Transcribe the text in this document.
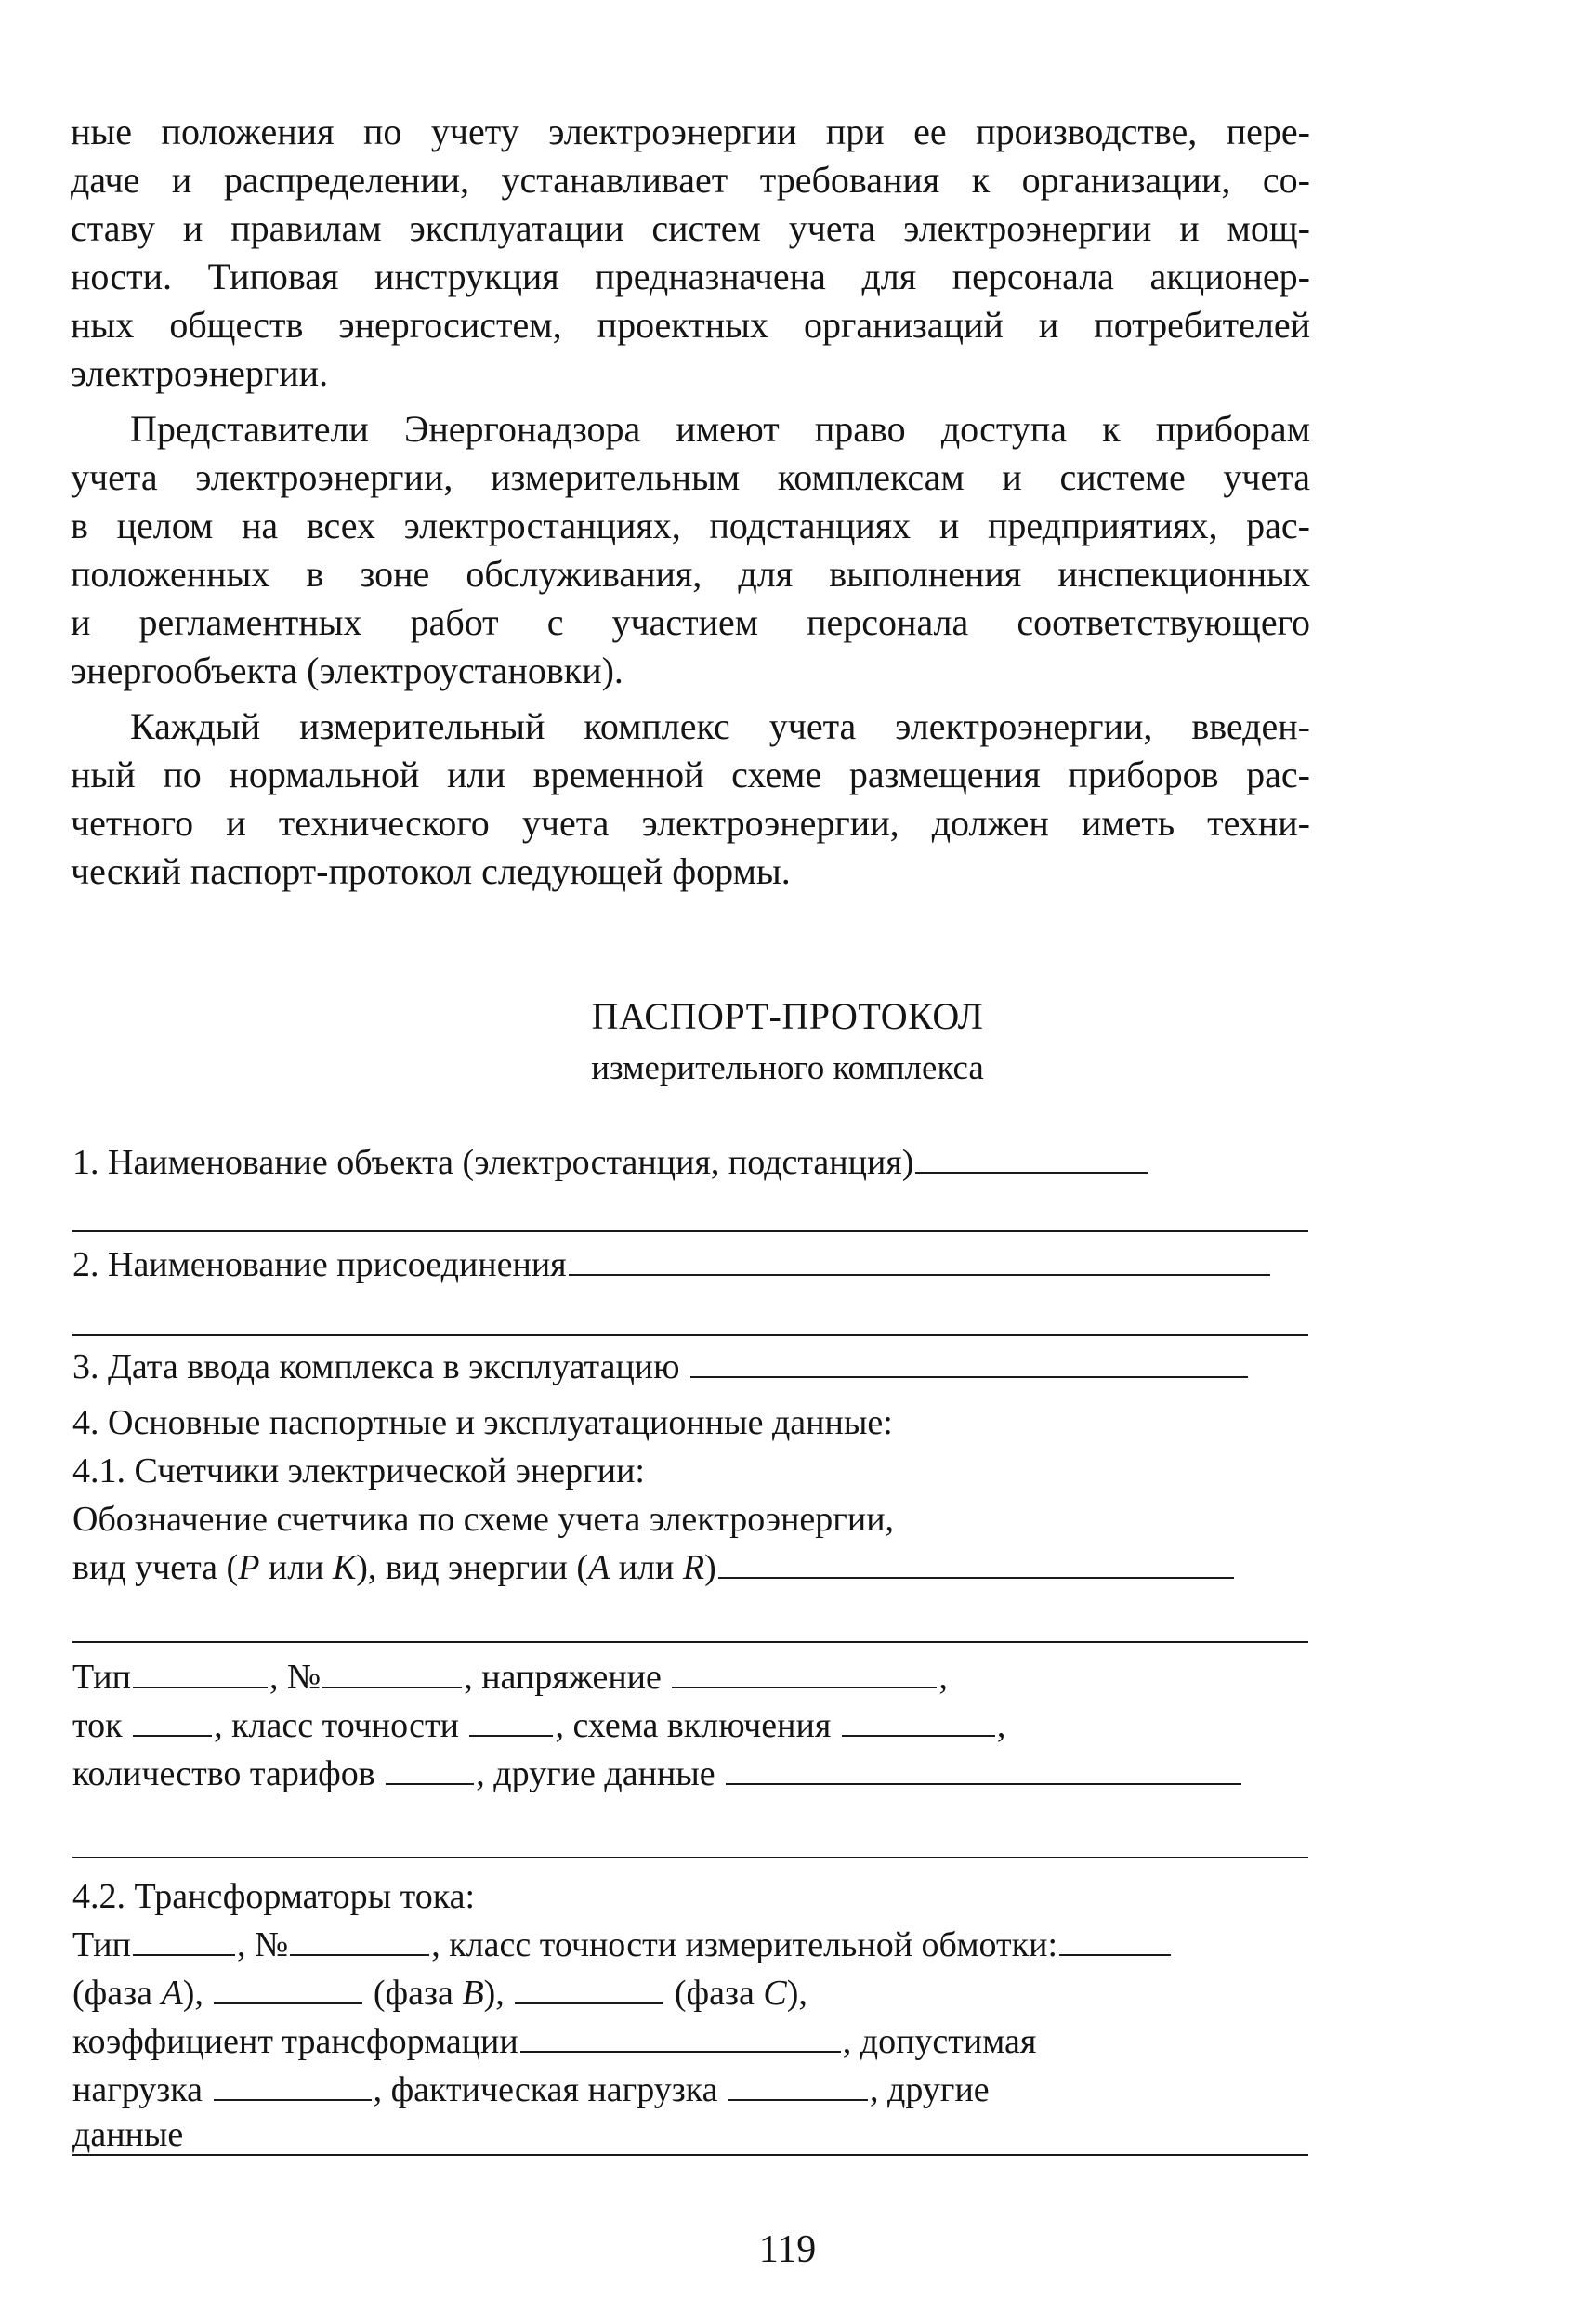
ные положения по учету электроэнергии при ее производстве, пере-
даче и распределении, устанавливает требования к организации, со-
ставу и правилам эксплуатации систем учета электроэнергии и мощ-
ности. Типовая инструкция предназначена для персонала акционер-
ных обществ энергосистем, проектных организаций и потребителей
электроэнергии.
Представители Энергонадзора имеют право доступа к приборам
учета электроэнергии, измерительным комплексам и системе учета
в целом на всех электростанциях, подстанциях и предприятиях, рас-
положенных в зоне обслуживания, для выполнения инспекционных
и регламентных работ с участием персонала соответствующего
энергообъекта (электроустановки).
Каждый измерительный комплекс учета электроэнергии, введен-
ный по нормальной или временной схеме размещения приборов рас-
четного и технического учета электроэнергии, должен иметь техни-
ческий паспорт-протокол следующей формы.
ПАСПОРТ-ПРОТОКОЛ
измерительного комплекса
1. Наименование объекта (электростанция, подстанция)
2. Наименование присоединения
3. Дата ввода комплекса в эксплуатацию
4. Основные паспортные и эксплуатационные данные:
4.1. Счетчики электрической энергии:
Обозначение счетчика по схеме учета электроэнергии,
вид учета (Р или К), вид энергии (А или R)
Тип	, №	, напряжение	,
ток	, класс точности	, схема включения	,
количество тарифов	, другие данные
4.2. Трансформаторы тока:
Тип	, №	, класс точности измерительной обмотки:
(фаза А),	(фаза В),	(фаза С),
коэффициент трансформации	, допустимая
нагрузка	, фактическая нагрузка	, другие
данные
119
